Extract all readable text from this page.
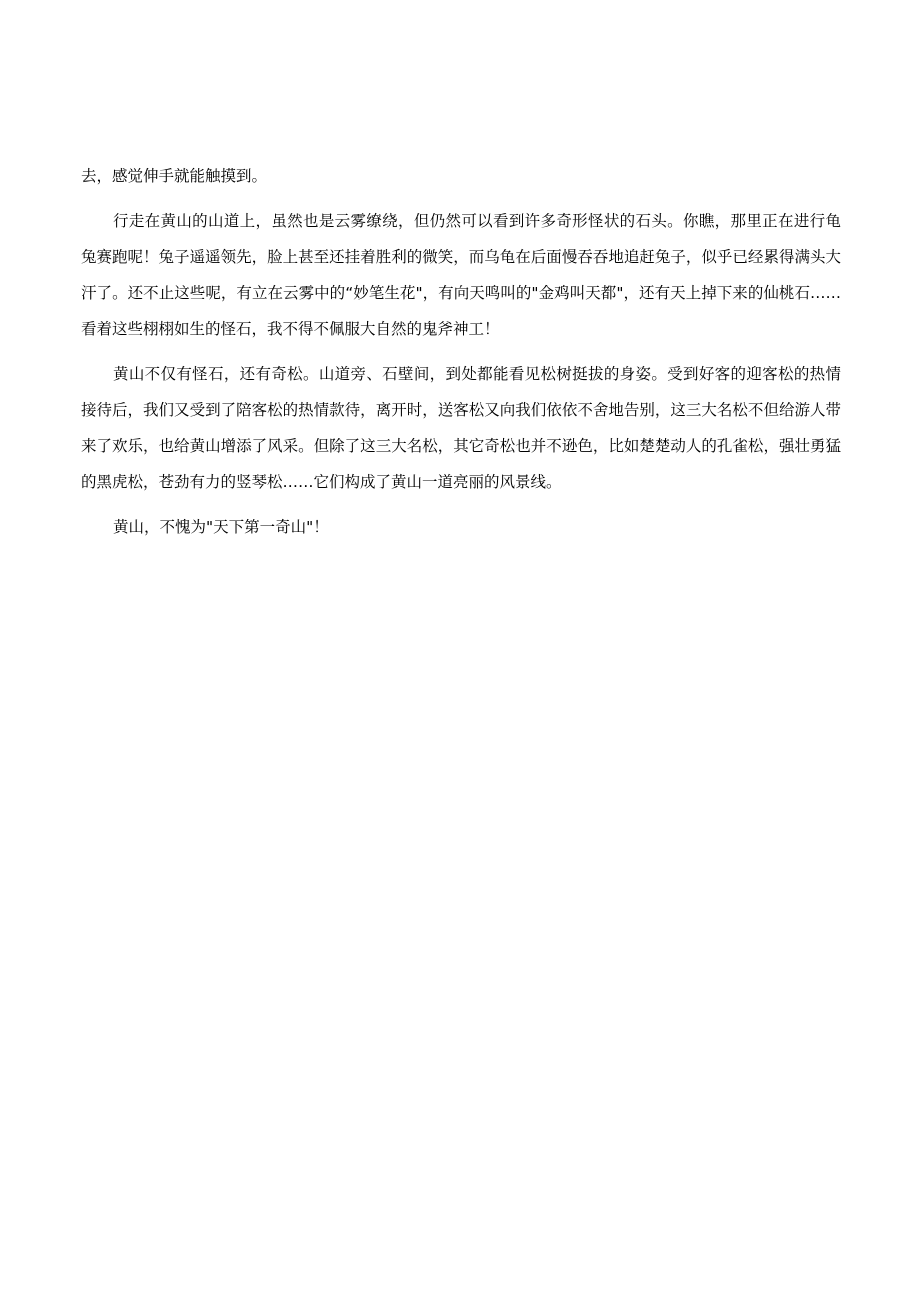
去，感觉伸手就能触摸到。

行走在黄山的山道上，虽然也是云雾缭绕，但仍然可以看到许多奇形怪状的石头。你瞧，那里正在进行龟兔赛跑呢！兔子遥遥领先，脸上甚至还挂着胜利的微笑，而乌龟在后面慢吞吞地追赶兔子，似乎已经累得满头大汗了。还不止这些呢，有立在云雾中的“妙笔生花"，有向天鸣叫的"金鸡叫天都"，还有天上掉下来的仙桃石……看着这些栩栩如生的怪石，我不得不佩服大自然的鬼斧神工！

黄山不仅有怪石，还有奇松。山道旁、石壁间，到处都能看见松树挺拔的身姿。受到好客的迎客松的热情接待后，我们又受到了陪客松的热情款待，离开时，送客松又向我们依依不舍地告别，这三大名松不但给游人带来了欢乐，也给黄山增添了风采。但除了这三大名松，其它奇松也并不逊色，比如楚楚动人的孔雀松，强壮勇猛的黑虎松，苍劲有力的竖琴松……它们构成了黄山一道亮丽的风景线。

黄山，不愧为"天下第一奇山"！
